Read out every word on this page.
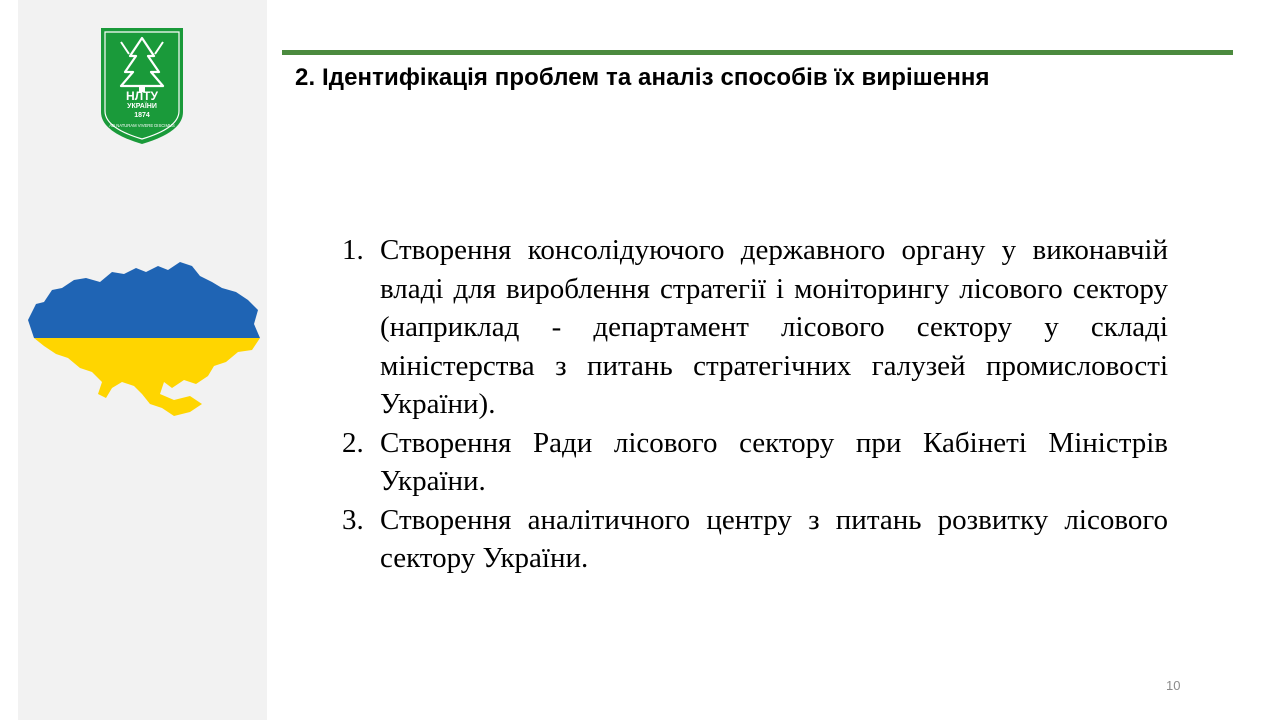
НЛТУ
УКРАЇНИ
1874
AD NATURAM VIVERE DISCIMUS
2. Ідентифікація проблем та аналіз способів їх вирішення
1. Створення консолідуючого державного органу у виконавчій владі для вироблення стратегії і моніторингу лісового сектору (наприклад - департамент лісового сектору у складі міністерства з питань стратегічних галузей промисловості України).
2. Створення Ради лісового сектору при Кабінеті Міністрів України.
3. Створення аналітичного центру з питань розвитку лісового сектору України.
10
